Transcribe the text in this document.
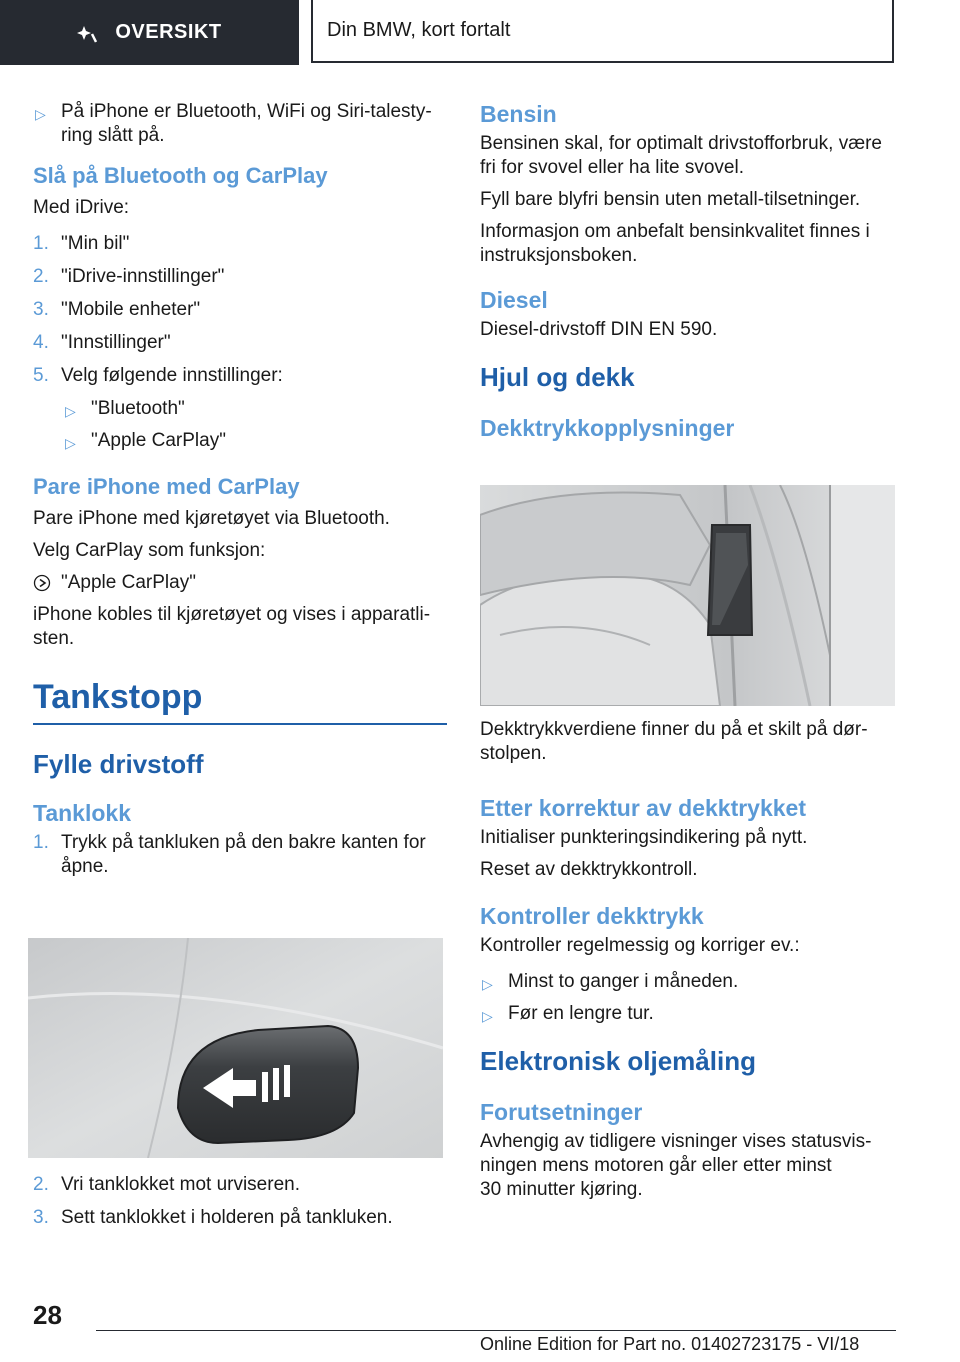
OVERSIKT	Din BMW, kort fortalt
▷ På iPhone er Bluetooth, WiFi og Siri-talesty-
ring slått på.
Slå på Bluetooth og CarPlay
Med iDrive:
1. "Min bil"
2. "iDrive-innstillinger"
3. "Mobile enheter"
4. "Innstillinger"
5. Velg følgende innstillinger:
▷ "Bluetooth"
▷ "Apple CarPlay"
Pare iPhone med CarPlay
Pare iPhone med kjøretøyet via Bluetooth.
Velg CarPlay som funksjon:
"Apple CarPlay"
iPhone kobles til kjøretøyet og vises i apparatli-
sten.
Tankstopp
Fylle drivstoff
Tanklokk
1. Trykk på tankluken på den bakre kanten for
åpne.
2. Vri tanklokket mot urviseren.
3. Sett tanklokket i holderen på tankluken.
Bensin
Bensinen skal, for optimalt drivstofforbruk, være
fri for svovel eller ha lite svovel.
Fyll bare blyfri bensin uten metall-tilsetninger.
Informasjon om anbefalt bensinkvalitet finnes i
instruksjonsboken.
Diesel
Diesel-drivstoff DIN EN 590.
Hjul og dekk
Dekktrykkopplysninger
Dekktrykkverdiene finner du på et skilt på dør-
stolpen.
Etter korrektur av dekktrykket
Initialiser punkteringsindikering på nytt.
Reset av dekktrykkontroll.
Kontroller dekktrykk
Kontroller regelmessig og korriger ev.:
▷ Minst to ganger i måneden.
▷ Før en lengre tur.
Elektronisk oljemåling
Forutsetninger
Avhengig av tidligere visninger vises statusvis-
ningen mens motoren går eller etter minst
30 minutter kjøring.
28
Online Edition for Part no. 01402723175 - VI/18
